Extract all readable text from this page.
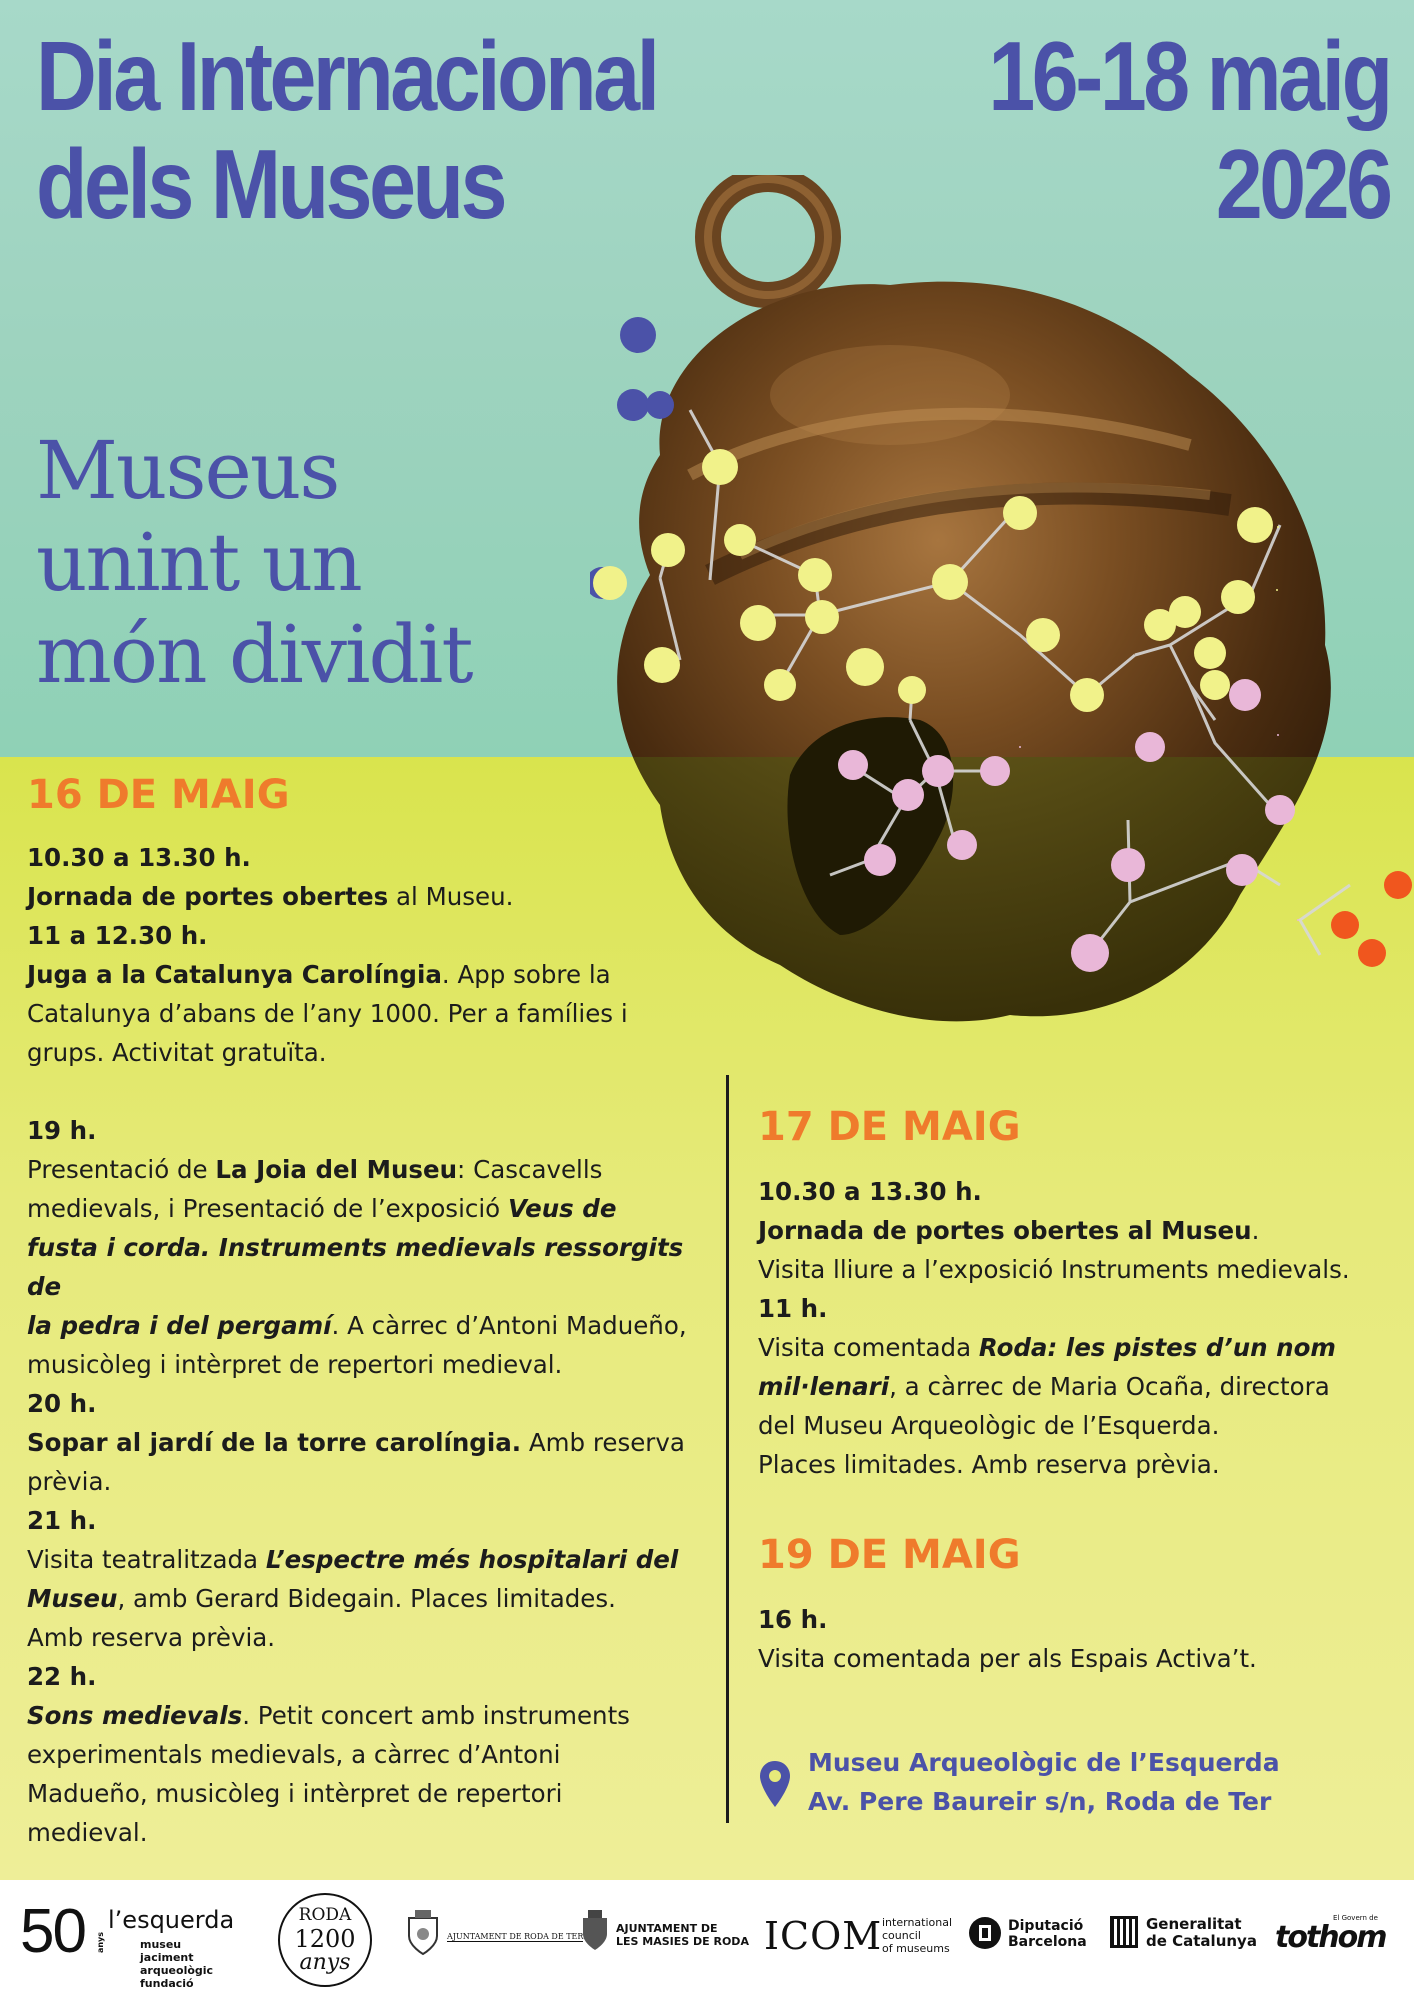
Dia Internacional
dels Museus
16-18 maig
2026
Museus
unint un
món dividit
16 DE MAIG

10.30 a 13.30 h.

Jornada de portes obertes al Museu.

11 a 12.30 h.

Juga a la Catalunya Carolíngia. App sobre la

Catalunya d’abans de l’any 1000. Per a famílies i

grups. Activitat gratuïta.

19 h.

Presentació de La Joia del Museu: Cascavells

medievals, i Presentació de l’exposició Veus de

fusta i corda. Instruments medievals ressorgits de

la pedra i del pergamí. A càrrec d’Antoni Madueño,

musicòleg i intèrpret de repertori medieval.

20 h.

Sopar al jardí de la torre carolíngia. Amb reserva

prèvia.

21 h.

Visita teatralitzada L’espectre més hospitalari del

Museu, amb Gerard Bidegain. Places limitades.

Amb reserva prèvia.

22 h.

Sons medievals. Petit concert amb instruments

experimentals medievals, a càrrec d’Antoni

Madueño, musicòleg i intèrpret de repertori

medieval.

17 DE MAIG

10.30 a 13.30 h.

Jornada de portes obertes al Museu.

Visita lliure a l’exposició Instruments medievals.

11 h.

Visita comentada Roda: les pistes d’un nom

mil·lenari, a càrrec de Maria Ocaña, directora

del Museu Arqueològic de l’Esquerda.

Places limitades. Amb reserva prèvia.

19 DE MAIG

16 h.

Visita comentada per als Espais Activa’t.

Museu Arqueològic de l’Esquerda
Av. Pere Baureir s/n, Roda de Ter
50 anys
l’esquerda
museu
jaciment arqueològic
fundació
RODA
1200
anys
AJUNTAMENT DE RODA DE TER
AJUNTAMENT DE
LES MASIES DE RODA ICOM international
council
of museums
Diputació
Barcelona
Generalitat
de Catalunya
El Govern de
tothom
